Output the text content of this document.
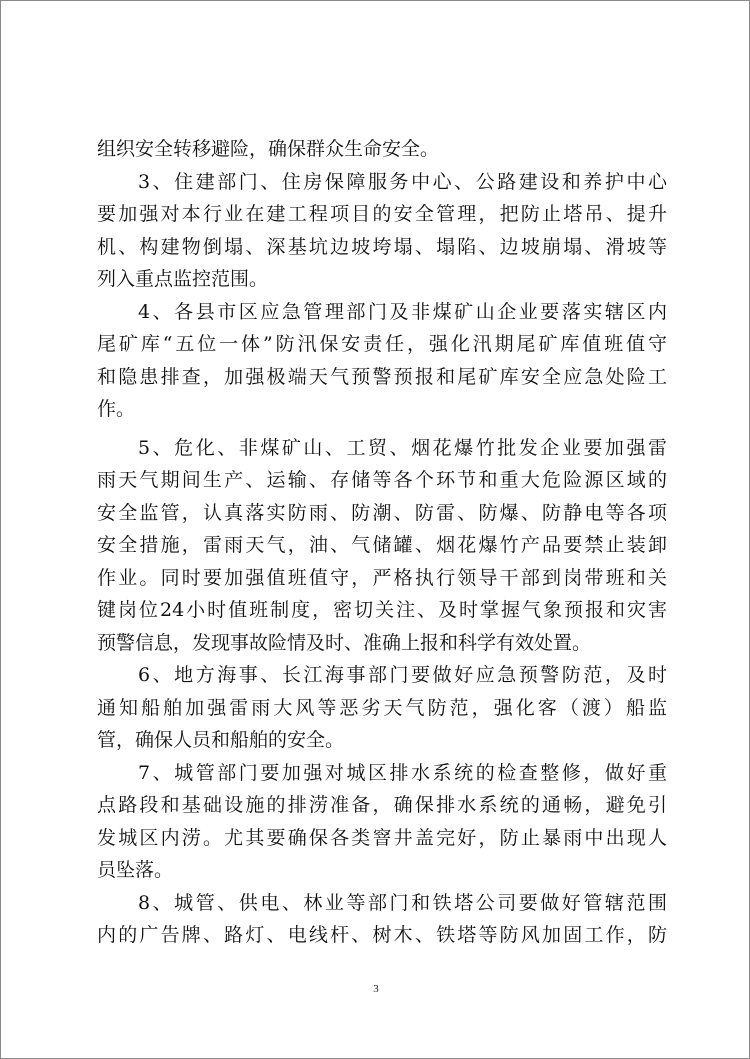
组织安全转移避险，确保群众生命安全。
3、住建部门、住房保障服务中心、公路建设和养护中心
要加强对本行业在建工程项目的安全管理，把防止塔吊、提升
机、构建物倒塌、深基坑边坡垮塌、塌陷、边坡崩塌、滑坡等
列入重点监控范围。
4、各县市区应急管理部门及非煤矿山企业要落实辖区内
尾矿库“五位一体”防汛保安责任，强化汛期尾矿库值班值守
和隐患排查，加强极端天气预警预报和尾矿库安全应急处险工
作。
5、危化、非煤矿山、工贸、烟花爆竹批发企业要加强雷
雨天气期间生产、运输、存储等各个环节和重大危险源区域的
安全监管，认真落实防雨、防潮、防雷、防爆、防静电等各项
安全措施，雷雨天气，油、气储罐、烟花爆竹产品要禁止装卸
作业。同时要加强值班值守，严格执行领导干部到岗带班和关
键岗位24小时值班制度，密切关注、及时掌握气象预报和灾害
预警信息，发现事故险情及时、准确上报和科学有效处置。
6、地方海事、长江海事部门要做好应急预警防范，及时
通知船舶加强雷雨大风等恶劣天气防范，强化客（渡）船监
管，确保人员和船舶的安全。
7、城管部门要加强对城区排水系统的检查整修，做好重
点路段和基础设施的排涝准备，确保排水系统的通畅，避免引
发城区内涝。尤其要确保各类窨井盖完好，防止暴雨中出现人
员坠落。
8、城管、供电、林业等部门和铁塔公司要做好管辖范围
内的广告牌、路灯、电线杆、树木、铁塔等防风加固工作，防
3
